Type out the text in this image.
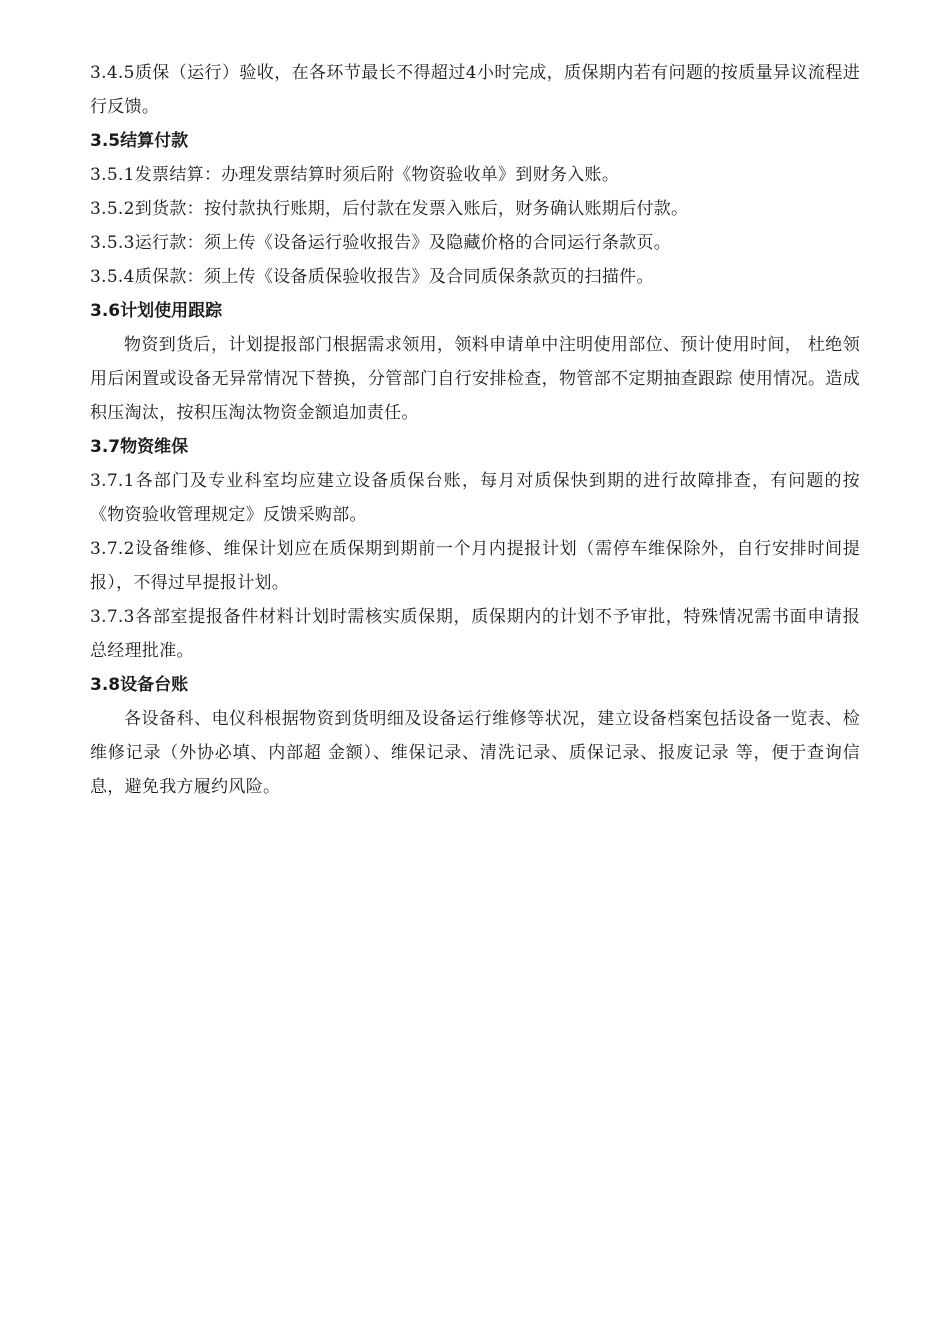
3.4.5质保（运行）验收，在各环节最长不得超过4小时完成，质保期内若有问题的按质量异议流程进行反馈。

3.5结算付款

3.5.1发票结算：办理发票结算时须后附《物资验收单》到财务入账。

3.5.2到货款：按付款执行账期，后付款在发票入账后，财务确认账期后付款。

3.5.3运行款：须上传《设备运行验收报告》及隐藏价格的合同运行条款页。

3.5.4质保款：须上传《设备质保验收报告》及合同质保条款页的扫描件。

3.6计划使用跟踪

物资到货后，计划提报部门根据需求领用，领料申请单中注明使用部位、预计使用时间， 杜绝领用后闲置或设备无异常情况下替换，分管部门自行安排检查，物管部不定期抽查跟踪 使用情况。造成积压淘汰，按积压淘汰物资金额追加责任。

3.7物资维保

3.7.1各部门及专业科室均应建立设备质保台账，每月对质保快到期的进行故障排查，有问题的按《物资验收管理规定》反馈采购部。

3.7.2设备维修、维保计划应在质保期到期前一个月内提报计划（需停车维保除外，自行安排时间提报），不得过早提报计划。

3.7.3各部室提报备件材料计划时需核实质保期，质保期内的计划不予审批，特殊情况需书面申请报总经理批准。

3.8设备台账

各设备科、电仪科根据物资到货明细及设备运行维修等状况，建立设备档案包括设备一览表、检维修记录（外协必填、内部超 金额）、维保记录、清洗记录、质保记录、报废记录 等，便于查询信息，避免我方履约风险。
